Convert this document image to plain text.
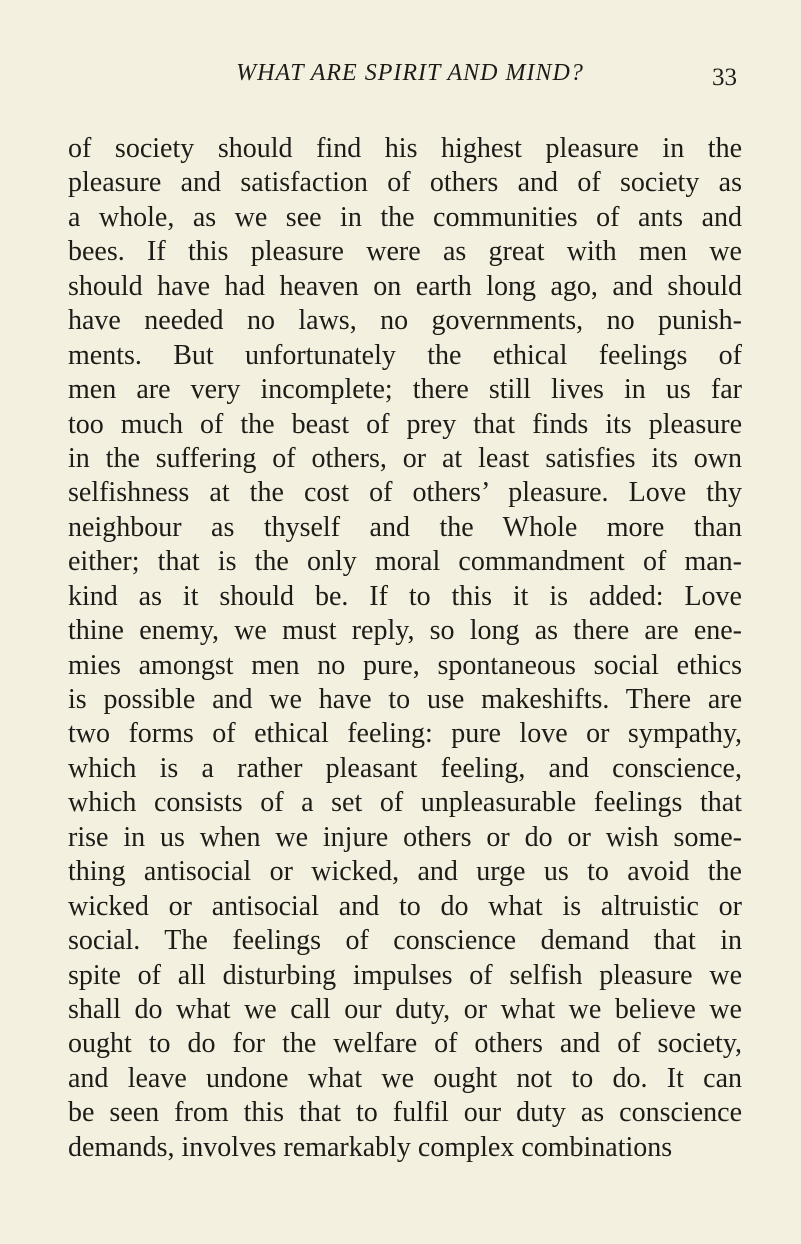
WHAT ARE SPIRIT AND MIND?	33
of society should find his highest pleasure in the
pleasure and satisfaction of others and of society as
a whole, as we see in the communities of ants and
bees. If this pleasure were as great with men we
should have had heaven on earth long ago, and should
have needed no laws, no governments, no punish-
ments. But unfortunately the ethical feelings of
men are very incomplete; there still lives in us far
too much of the beast of prey that finds its pleasure
in the suffering of others, or at least satisfies its own
selfishness at the cost of others’ pleasure. Love thy
neighbour as thyself and the Whole more than
either; that is the only moral commandment of man-
kind as it should be. If to this it is added: Love
thine enemy, we must reply, so long as there are ene-
mies amongst men no pure, spontaneous social ethics
is possible and we have to use makeshifts. There are
two forms of ethical feeling: pure love or sympathy,
which is a rather pleasant feeling, and conscience,
which consists of a set of unpleasurable feelings that
rise in us when we injure others or do or wish some-
thing antisocial or wicked, and urge us to avoid the
wicked or antisocial and to do what is altruistic or
social. The feelings of conscience demand that in
spite of all disturbing impulses of selfish pleasure we
shall do what we call our duty, or what we believe we
ought to do for the welfare of others and of society,
and leave undone what we ought not to do. It can
be seen from this that to fulfil our duty as conscience
demands, involves remarkably complex combinations
